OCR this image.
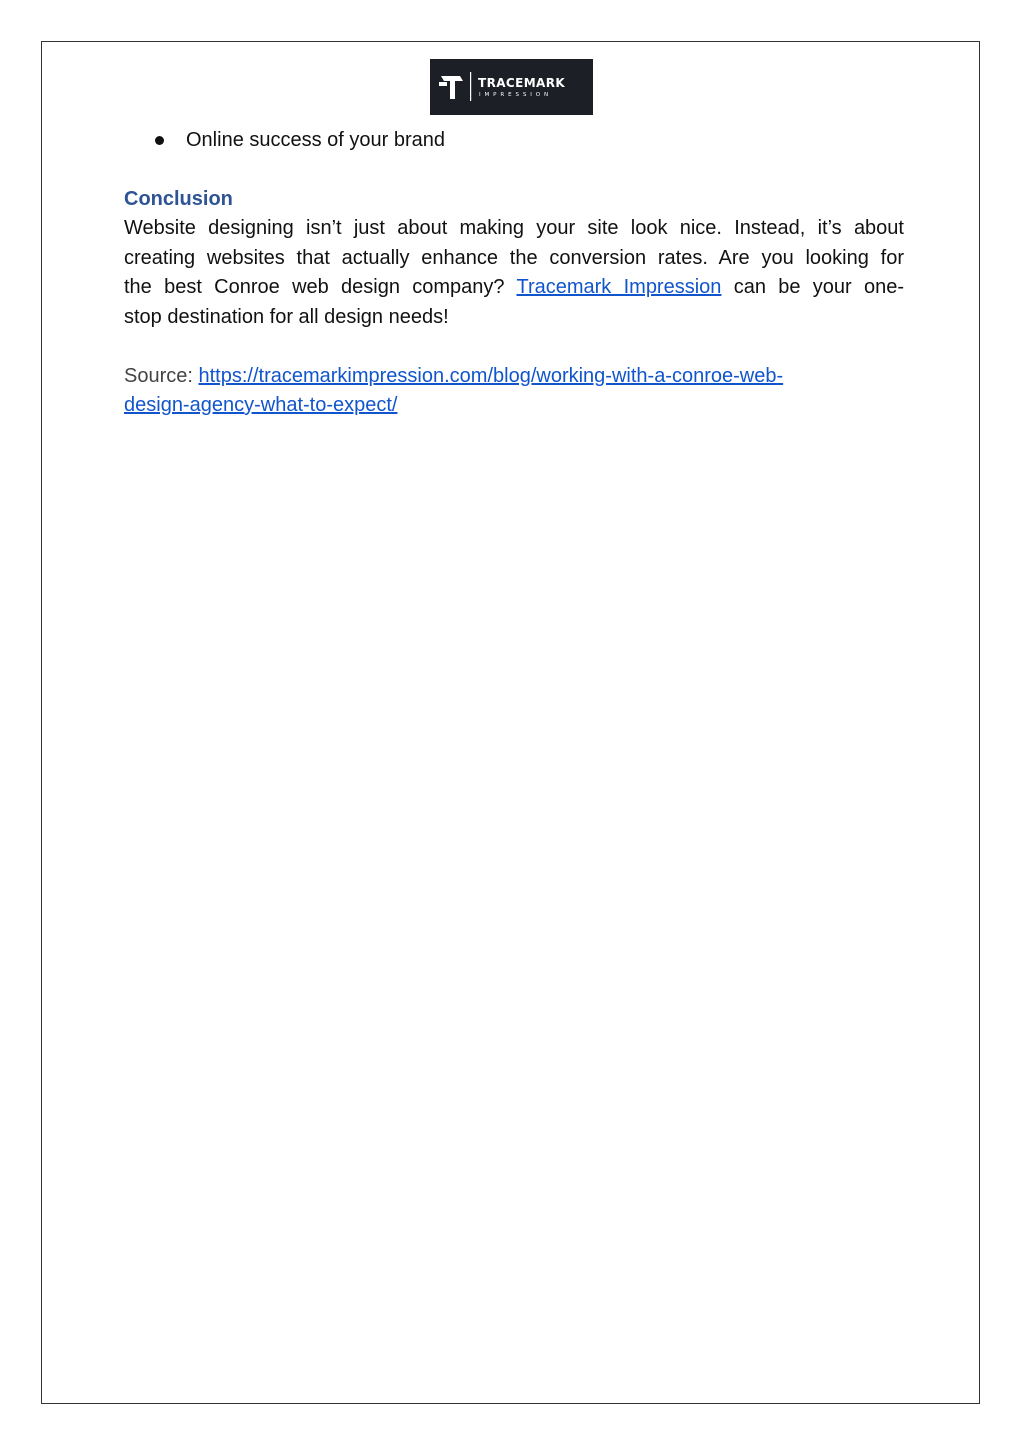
TRACEMARK
IMPRESSION
Online success of your brand
Conclusion

Website designing isn’t just about making your site look nice. Instead, it’s about
creating websites that actually enhance the conversion rates. Are you looking for
the best Conroe web design company? Tracemark Impression can be your one-
stop destination for all design needs!

Source: https://tracemarkimpression.com/blog/working-with-a-conroe-web-
design-agency-what-to-expect/
